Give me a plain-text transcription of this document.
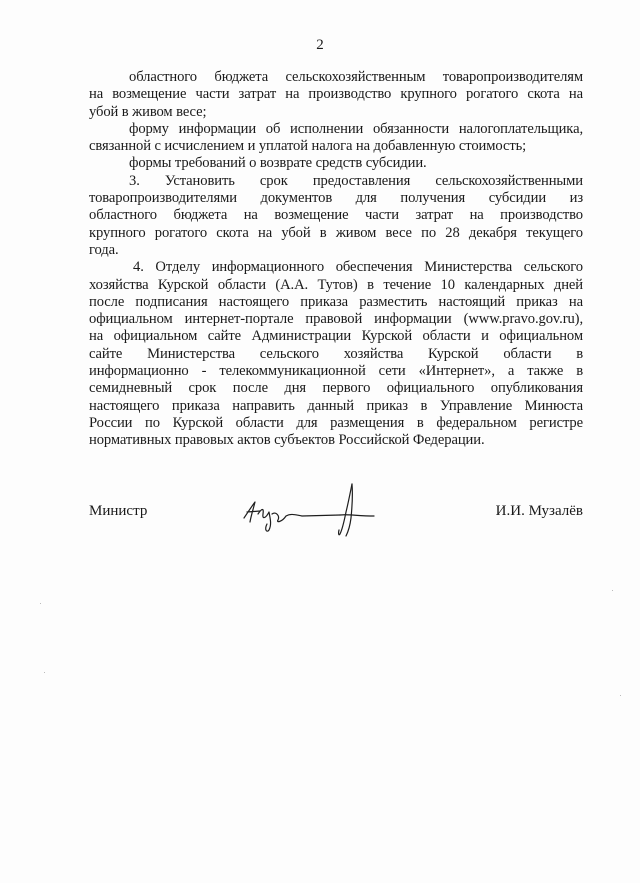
2
областного бюджета сельскохозяйственным товаропроизводителям
на возмещение части затрат на производство крупного рогатого скота на
убой в живом весе;
форму информации об исполнении обязанности налогоплательщика,
связанной с исчислением и уплатой налога на добавленную стоимость;
формы требований о возврате средств субсидии.
3. Установить срок предоставления сельскохозяйственными
товаропроизводителями документов для получения субсидии из
областного бюджета на возмещение части затрат на производство
крупного рогатого скота на убой в живом весе по 28 декабря текущего
года.
4. Отделу информационного обеспечения Министерства сельского
хозяйства Курской области (А.А. Тутов) в течение 10 календарных дней
после подписания настоящего приказа разместить настоящий приказ на
официальном интернет-портале правовой информации (www.pravo.gov.ru),
на официальном сайте Администрации Курской области и официальном
сайте Министерства сельского хозяйства Курской области в
информационно - телекоммуникационной сети «Интернет», а также в
семидневный срок после дня первого официального опубликования
настоящего приказа направить данный приказ в Управление Минюста
России по Курской области для размещения в федеральном регистре
нормативных правовых актов субъектов Российской Федерации.
Министр	И.И. Музалёв
